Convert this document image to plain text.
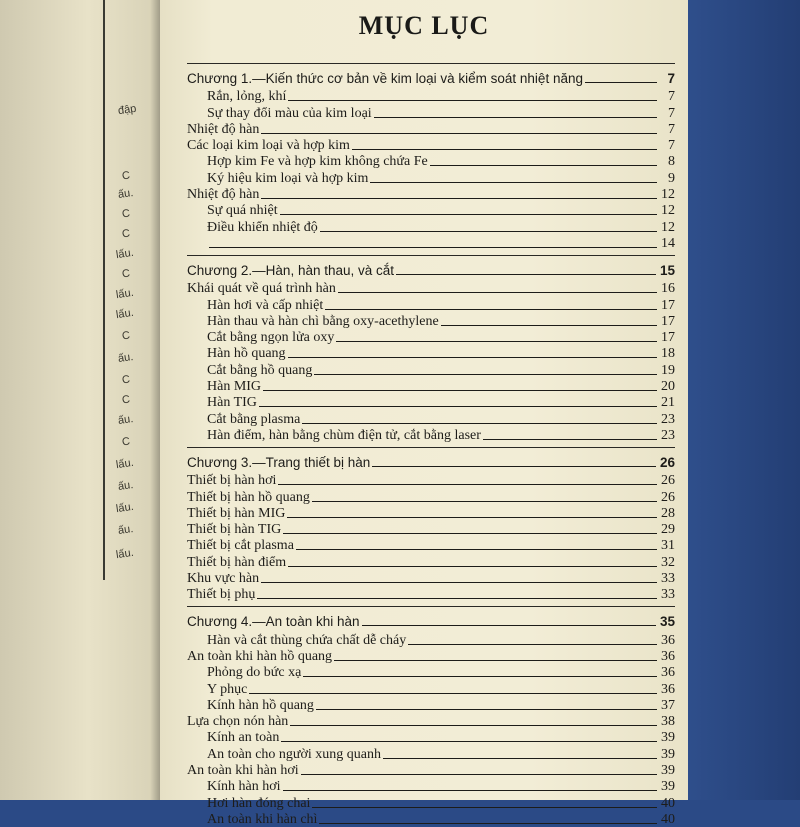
đập
C
ấu.
C
C
lấu.
C
lấu.
lấu.
C
ấu.
C
C
ấu.
C
lấu.
ấu.
lấu.
ấu.
lấu.
MỤC LỤC
Chương 1.—Kiến thức cơ bản về kim loại và kiểm soát nhiệt năng	7
Rắn, lỏng, khí	7
Sự thay đổi màu của kim loại	7
Nhiệt độ hàn	7
Các loại kim loại và hợp kim	7
Hợp kim Fe và hợp kim không chứa Fe	8
Ký hiệu kim loại và hợp kim	9
Nhiệt độ hàn	12
Sự quá nhiệt	12
Điều khiển nhiệt độ	12
14
Chương 2.—Hàn, hàn thau, và cắt	15
Khái quát về quá trình hàn	16
Hàn hơi và cấp nhiệt	17
Hàn thau và hàn chì bằng oxy-acethylene	17
Cắt bằng ngọn lửa oxy	17
Hàn hồ quang	18
Cắt bằng hồ quang	19
Hàn MIG	20
Hàn TIG	21
Cắt bằng plasma	23
Hàn điểm, hàn bằng chùm điện tử, cắt bằng laser	23
Chương 3.—Trang thiết bị hàn	26
Thiết bị hàn hơi	26
Thiết bị hàn hồ quang	26
Thiết bị hàn MIG	28
Thiết bị hàn TIG	29
Thiết bị cắt plasma	31
Thiết bị hàn điểm	32
Khu vực hàn	33
Thiết bị phụ	33
Chương 4.—An toàn khi hàn	35
Hàn và cắt thùng chứa chất dễ cháy	36
An toàn khi hàn hồ quang	36
Phỏng do bức xạ	36
Y phục	36
Kính hàn hồ quang	37
Lựa chọn nón hàn	38
Kính an toàn	39
An toàn cho người xung quanh	39
An toàn khi hàn hơi	39
Kính hàn hơi	39
Hơi hàn đóng chai	40
An toàn khi hàn chì	40
